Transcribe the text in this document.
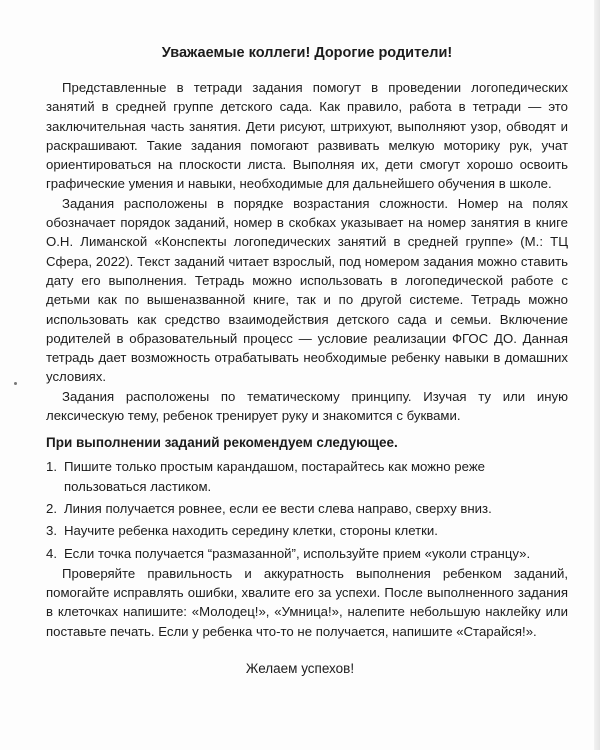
Уважаемые коллеги! Дорогие родители!

Представленные в тетради задания помогут в проведении логопедических занятий в средней группе детского сада. Как правило, работа в тетради — это заключительная часть занятия. Дети рисуют, штрихуют, выполняют узор, обводят и раскрашивают. Такие задания помогают развивать мелкую моторику рук, учат ориентироваться на плоскости листа. Выполняя их, дети смогут хорошо освоить графические умения и навыки, необходимые для дальнейшего обучения в школе.

Задания расположены в порядке возрастания сложности. Номер на полях обозначает порядок заданий, номер в скобках указывает на номер занятия в книге О.Н. Лиманской «Конспекты логопедических занятий в средней группе» (М.: ТЦ Сфера, 2022). Текст заданий читает взрослый, под номером задания можно ставить дату его выполнения. Тетрадь можно использовать в логопедической работе с детьми как по вышеназванной книге, так и по другой системе. Тетрадь можно использовать как средство взаимодействия детского сада и семьи. Включение родителей в образовательный процесс — условие реализации ФГОС ДО. Данная тетрадь дает возможность отрабатывать необходимые ребенку навыки в домашних условиях.

Задания расположены по тематическому принципу. Изучая ту или иную лексическую тему, ребенок тренирует руку и знакомится с буквами.

При выполнении заданий рекомендуем следующее.
1. Пишите только простым карандашом, постарайтесь как можно реже пользоваться ластиком.
2. Линия получается ровнее, если ее вести слева направо, сверху вниз.
3. Научите ребенка находить середину клетки, стороны клетки.
4. Если точка получается “размазанной”, используйте прием «уколи странцу».

Проверяйте правильность и аккуратность выполнения ребенком заданий, помогайте исправлять ошибки, хвалите его за успехи. После выполненного задания в клеточках напишите: «Молодец!», «Умница!», налепите небольшую наклейку или поставьте печать. Если у ребенка что-то не получается, напишите «Старайся!».

Желаем успехов!
